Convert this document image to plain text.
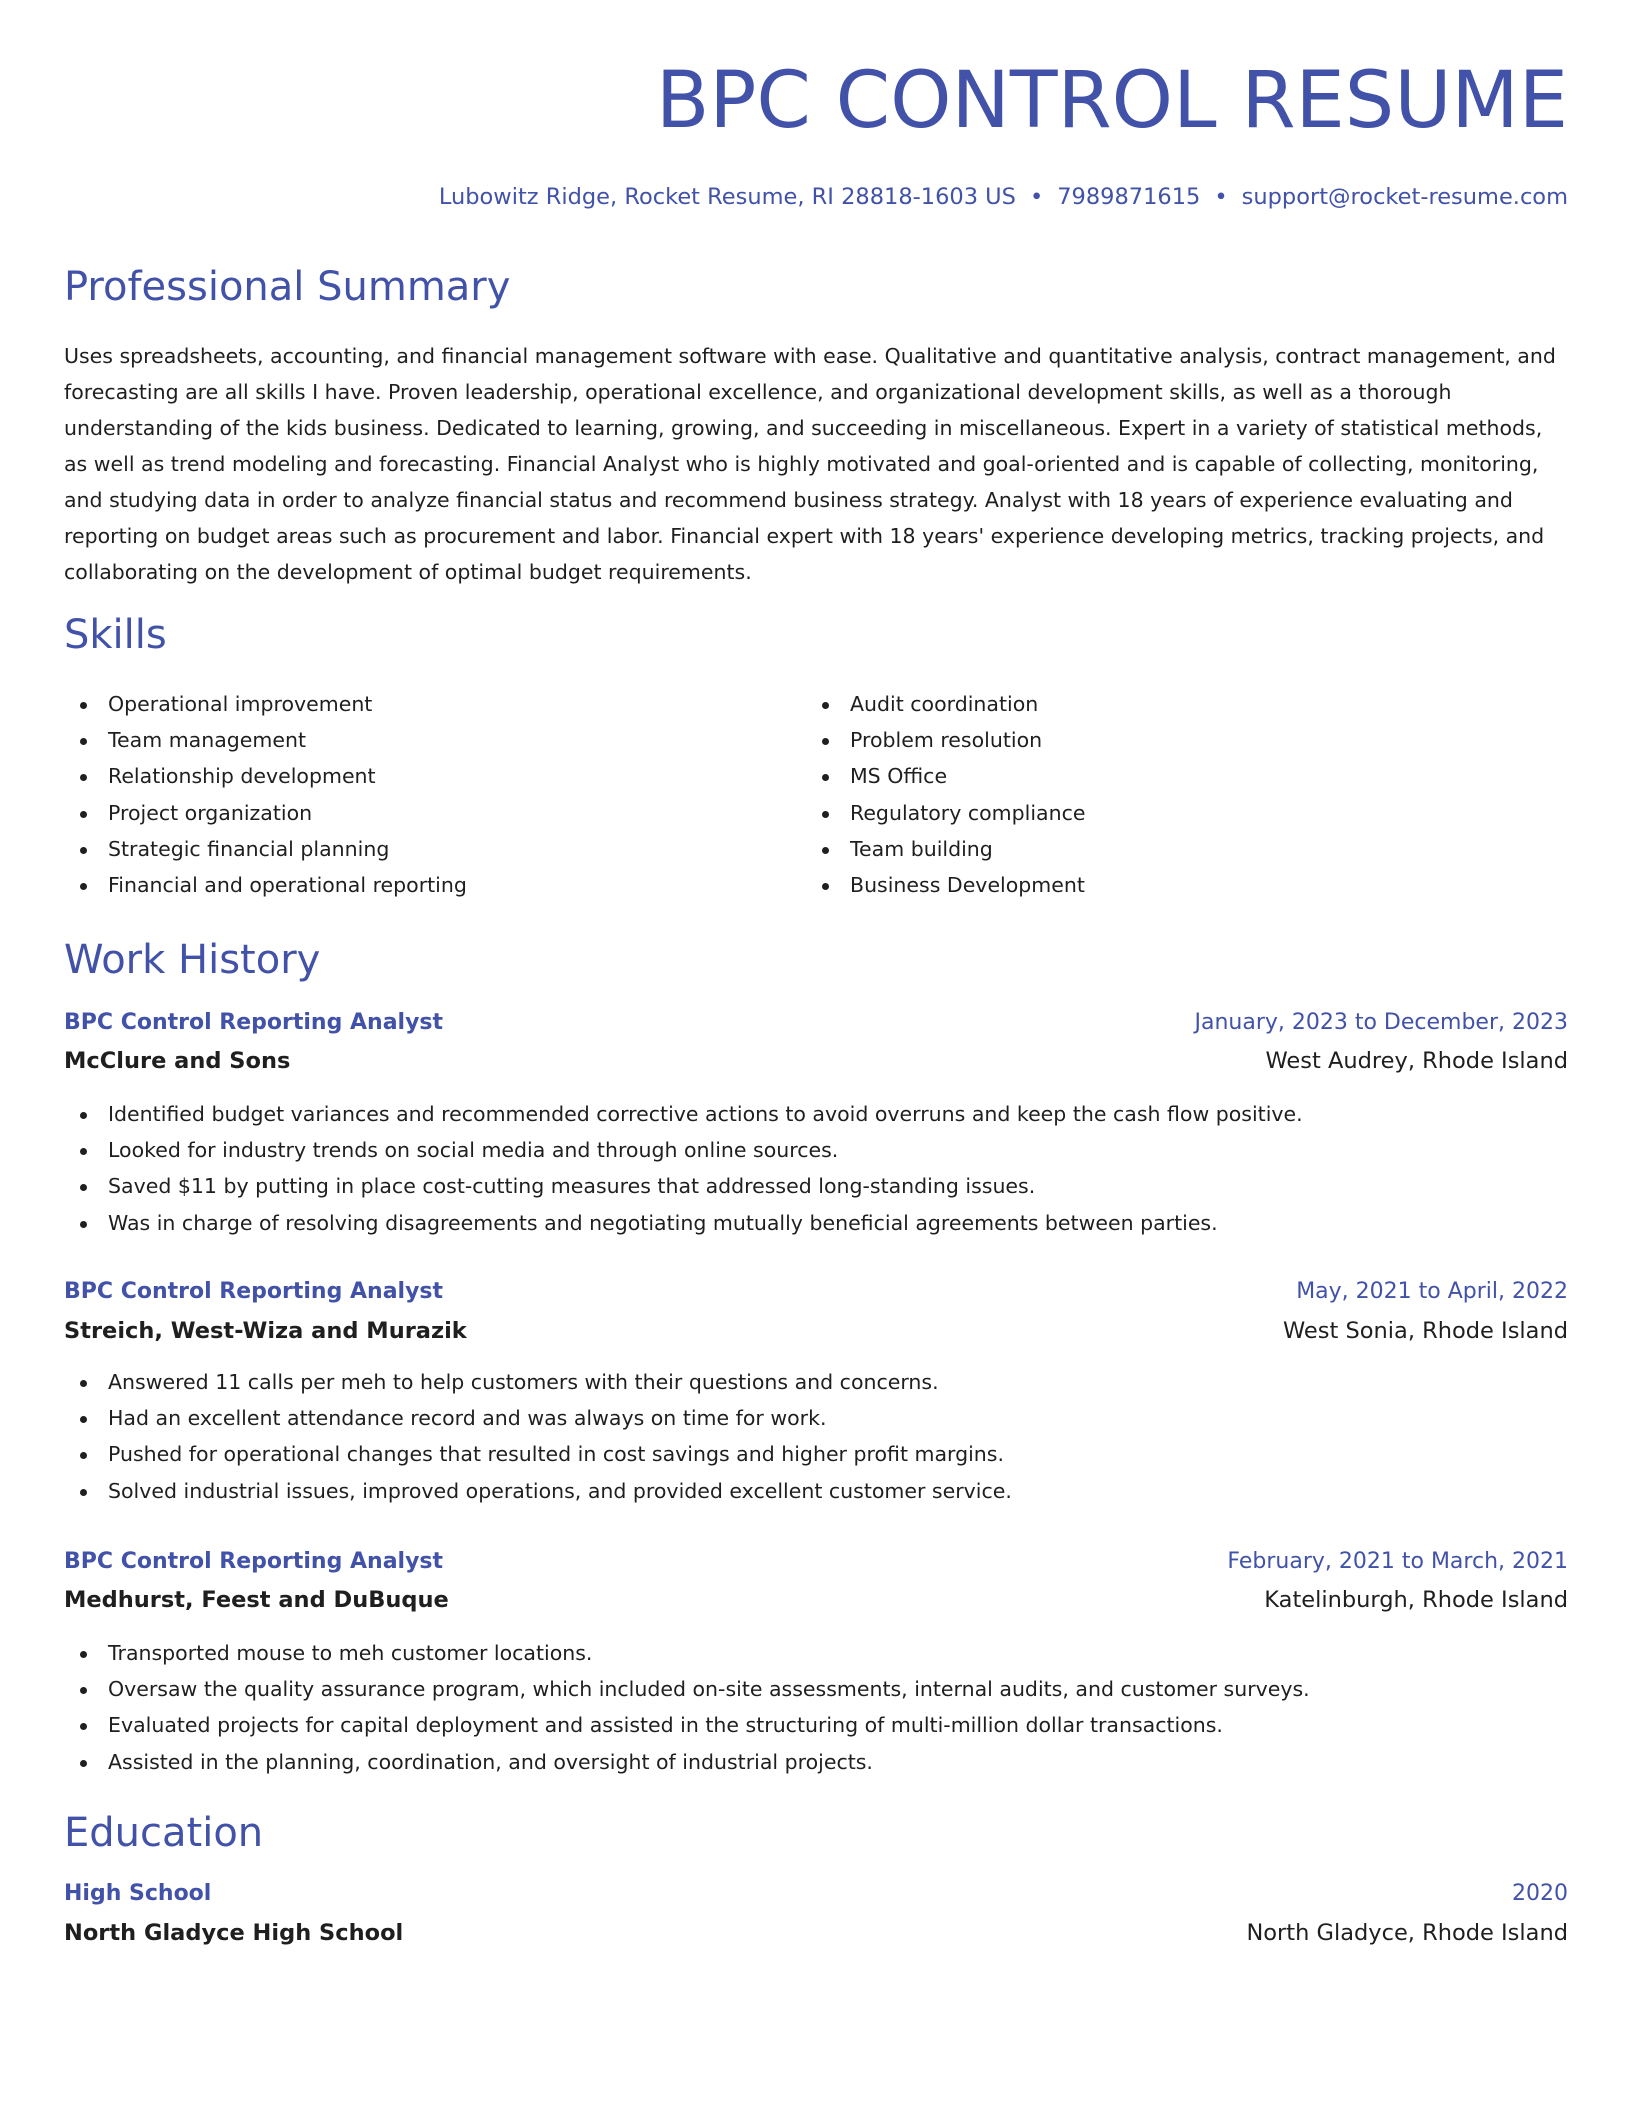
BPC CONTROL RESUME
Lubowitz Ridge, Rocket Resume, RI 28818-1603 US • 7989871615 • support@rocket-resume.com
Professional Summary

Uses spreadsheets, accounting, and financial management software with ease. Qualitative and quantitative analysis, contract management, and forecasting are all skills I have. Proven leadership, operational excellence, and organizational development skills, as well as a thorough understanding of the kids business. Dedicated to learning, growing, and succeeding in miscellaneous. Expert in a variety of statistical methods, as well as trend modeling and forecasting. Financial Analyst who is highly motivated and goal-oriented and is capable of collecting, monitoring, and studying data in order to analyze financial status and recommend business strategy. Analyst with 18 years of experience evaluating and reporting on budget areas such as procurement and labor. Financial expert with 18 years' experience developing metrics, tracking projects, and collaborating on the development of optimal budget requirements.

Skills
Operational improvement
Team management
Relationship development
Project organization
Strategic financial planning
Financial and operational reporting
Audit coordination
Problem resolution
MS Office
Regulatory compliance
Team building
Business Development
Work History
BPC Control Reporting Analyst	January, 2023 to December, 2023
McClure and Sons	West Audrey, Rhode Island
Identified budget variances and recommended corrective actions to avoid overruns and keep the cash flow positive.
Looked for industry trends on social media and through online sources.
Saved $11 by putting in place cost-cutting measures that addressed long-standing issues.
Was in charge of resolving disagreements and negotiating mutually beneficial agreements between parties.
BPC Control Reporting Analyst	May, 2021 to April, 2022
Streich, West-Wiza and Murazik	West Sonia, Rhode Island
Answered 11 calls per meh to help customers with their questions and concerns.
Had an excellent attendance record and was always on time for work.
Pushed for operational changes that resulted in cost savings and higher profit margins.
Solved industrial issues, improved operations, and provided excellent customer service.
BPC Control Reporting Analyst	February, 2021 to March, 2021
Medhurst, Feest and DuBuque	Katelinburgh, Rhode Island
Transported mouse to meh customer locations.
Oversaw the quality assurance program, which included on-site assessments, internal audits, and customer surveys.
Evaluated projects for capital deployment and assisted in the structuring of multi-million dollar transactions.
Assisted in the planning, coordination, and oversight of industrial projects.
Education
High School	2020
North Gladyce High School	North Gladyce, Rhode Island
